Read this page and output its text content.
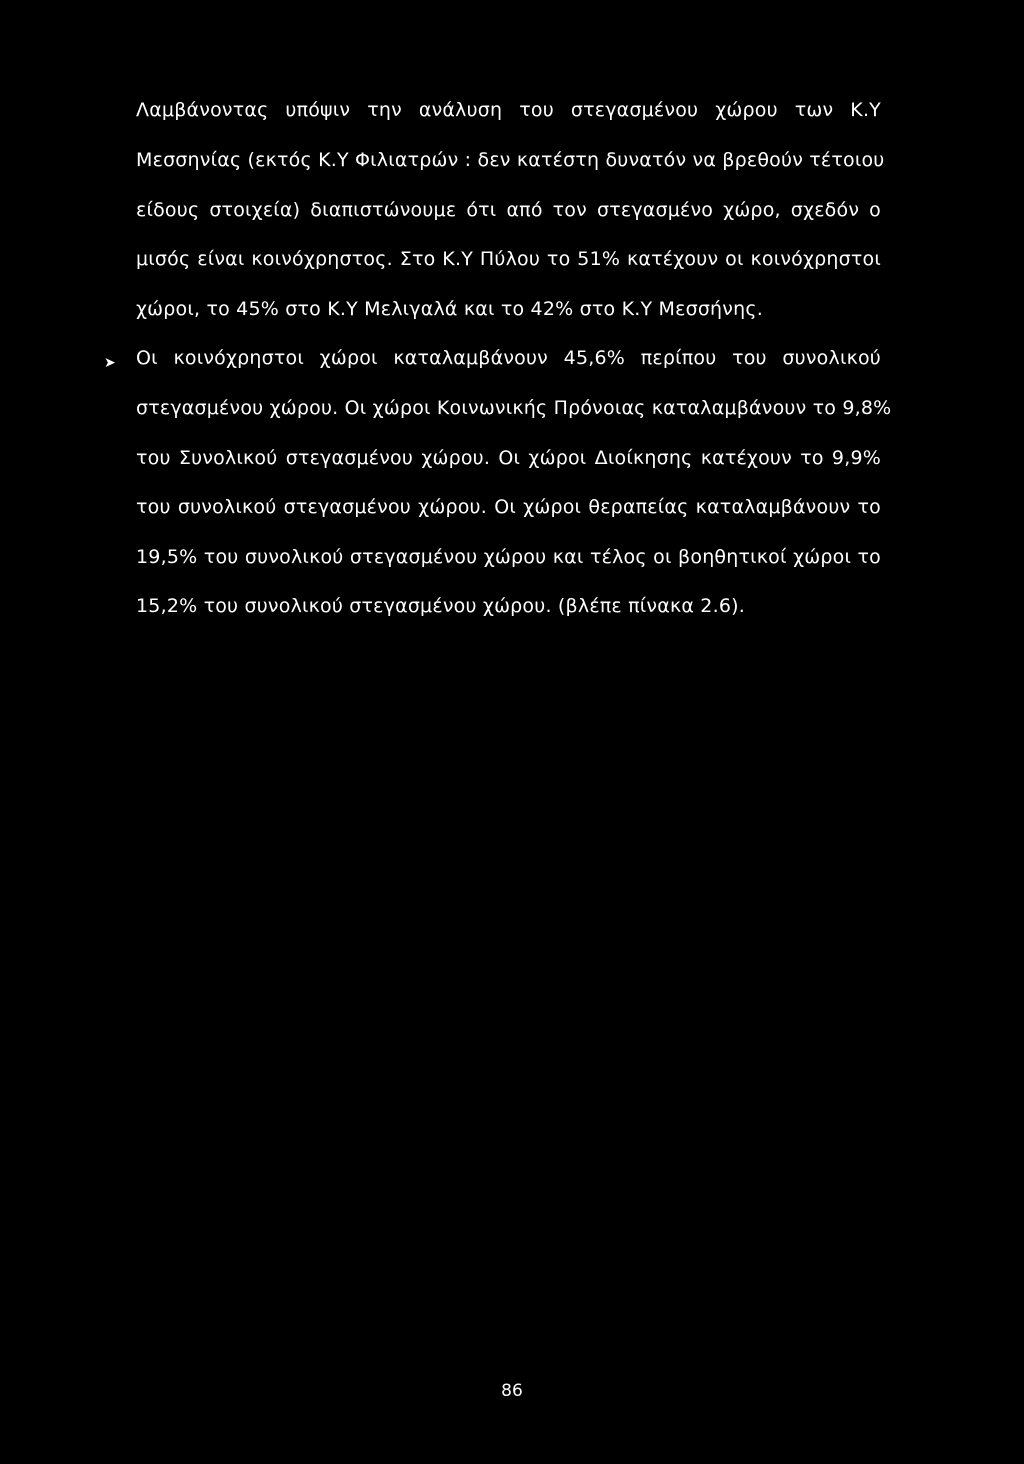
Λαμβάνοντας υπόψιν την ανάλυση του στεγασμένου χώρου των Κ.Υ
Μεσσηνίας (εκτός Κ.Υ Φιλιατρών : δεν κατέστη δυνατόν να βρεθούν τέτοιου
είδους στοιχεία) διαπιστώνουμε ότι από τον στεγασμένο χώρο, σχεδόν ο
μισός είναι κοινόχρηστος. Στο Κ.Υ Πύλου το 51% κατέχουν οι κοινόχρηστοι
χώροι, το 45% στο Κ.Υ Μελιγαλά και το 42% στο Κ.Υ Μεσσήνης.
➤ Οι κοινόχρηστοι χώροι καταλαμβάνουν 45,6% περίπου του συνολικού
στεγασμένου χώρου. Οι χώροι Κοινωνικής Πρόνοιας καταλαμβάνουν το 9,8%
του Συνολικού στεγασμένου χώρου. Οι χώροι Διοίκησης κατέχουν το 9,9%
του συνολικού στεγασμένου χώρου. Οι χώροι θεραπείας καταλαμβάνουν το
19,5% του συνολικού στεγασμένου χώρου και τέλος οι βοηθητικοί χώροι το
15,2% του συνολικού στεγασμένου χώρου. (βλέπε πίνακα 2.6).
86
